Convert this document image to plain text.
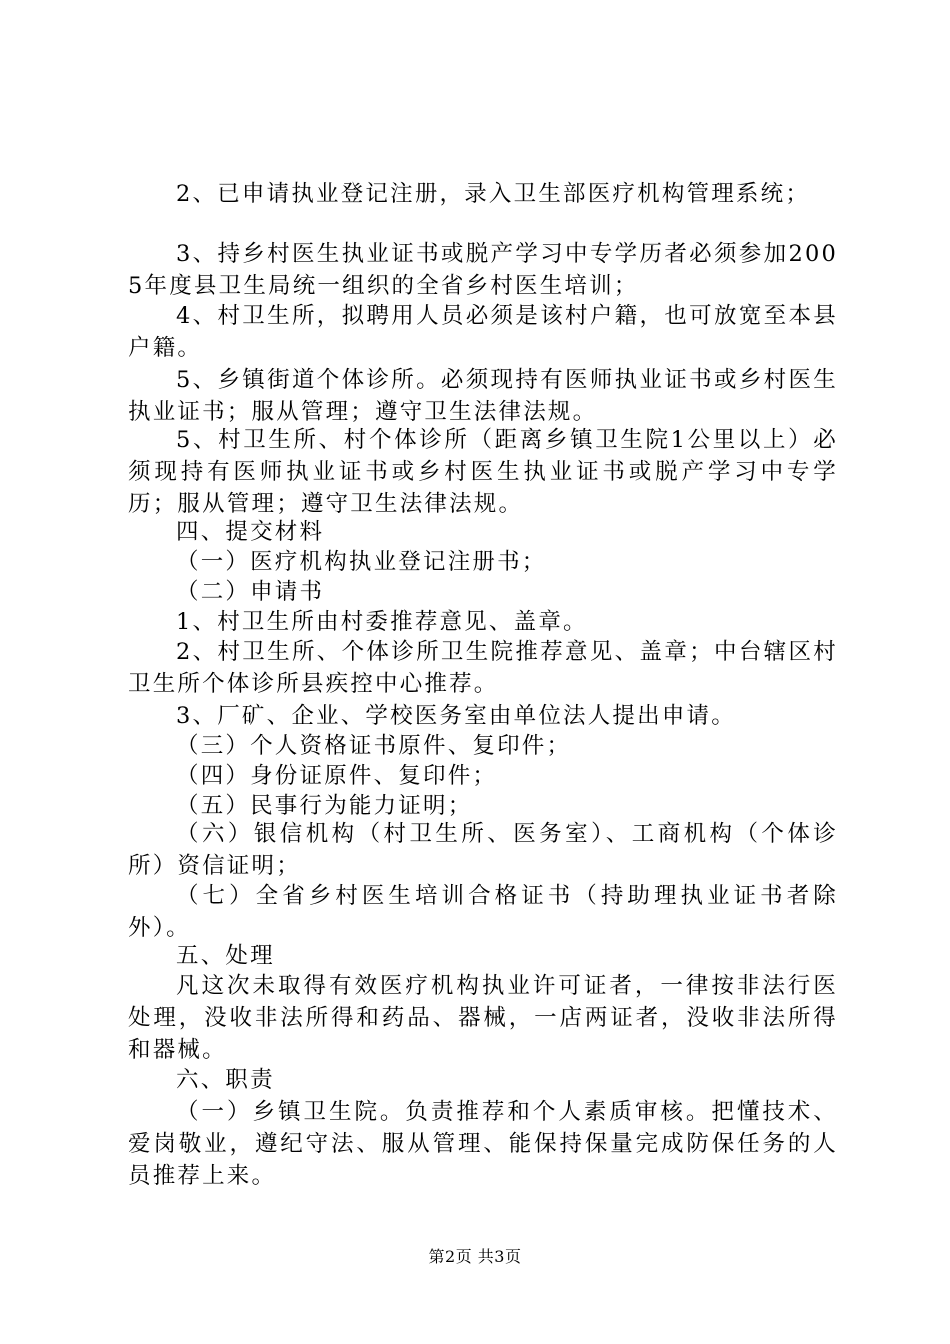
2、已申请执业登记注册，录入卫生部医疗机构管理系统；
3、持乡村医生执业证书或脱产学习中专学历者必须参加2005年度县卫生局统一组织的全省乡村医生培训；
4、村卫生所，拟聘用人员必须是该村户籍，也可放宽至本县户籍。
5、乡镇街道个体诊所。必须现持有医师执业证书或乡村医生执业证书；服从管理；遵守卫生法律法规。
5、村卫生所、村个体诊所（距离乡镇卫生院1公里以上）必须现持有医师执业证书或乡村医生执业证书或脱产学习中专学历；服从管理；遵守卫生法律法规。
四、提交材料
（一）医疗机构执业登记注册书；
（二）申请书
1、村卫生所由村委推荐意见、盖章。
2、村卫生所、个体诊所卫生院推荐意见、盖章；中台辖区村卫生所个体诊所县疾控中心推荐。
3、厂矿、企业、学校医务室由单位法人提出申请。
（三）个人资格证书原件、复印件；
（四）身份证原件、复印件；
（五）民事行为能力证明；
（六）银信机构（村卫生所、医务室）、工商机构（个体诊所）资信证明；
（七）全省乡村医生培训合格证书（持助理执业证书者除外）。
五、处理
凡这次未取得有效医疗机构执业许可证者，一律按非法行医处理，没收非法所得和药品、器械，一店两证者，没收非法所得和器械。
六、职责
（一）乡镇卫生院。负责推荐和个人素质审核。把懂技术、爱岗敬业，遵纪守法、服从管理、能保持保量完成防保任务的人员推荐上来。
第2页 共3页
